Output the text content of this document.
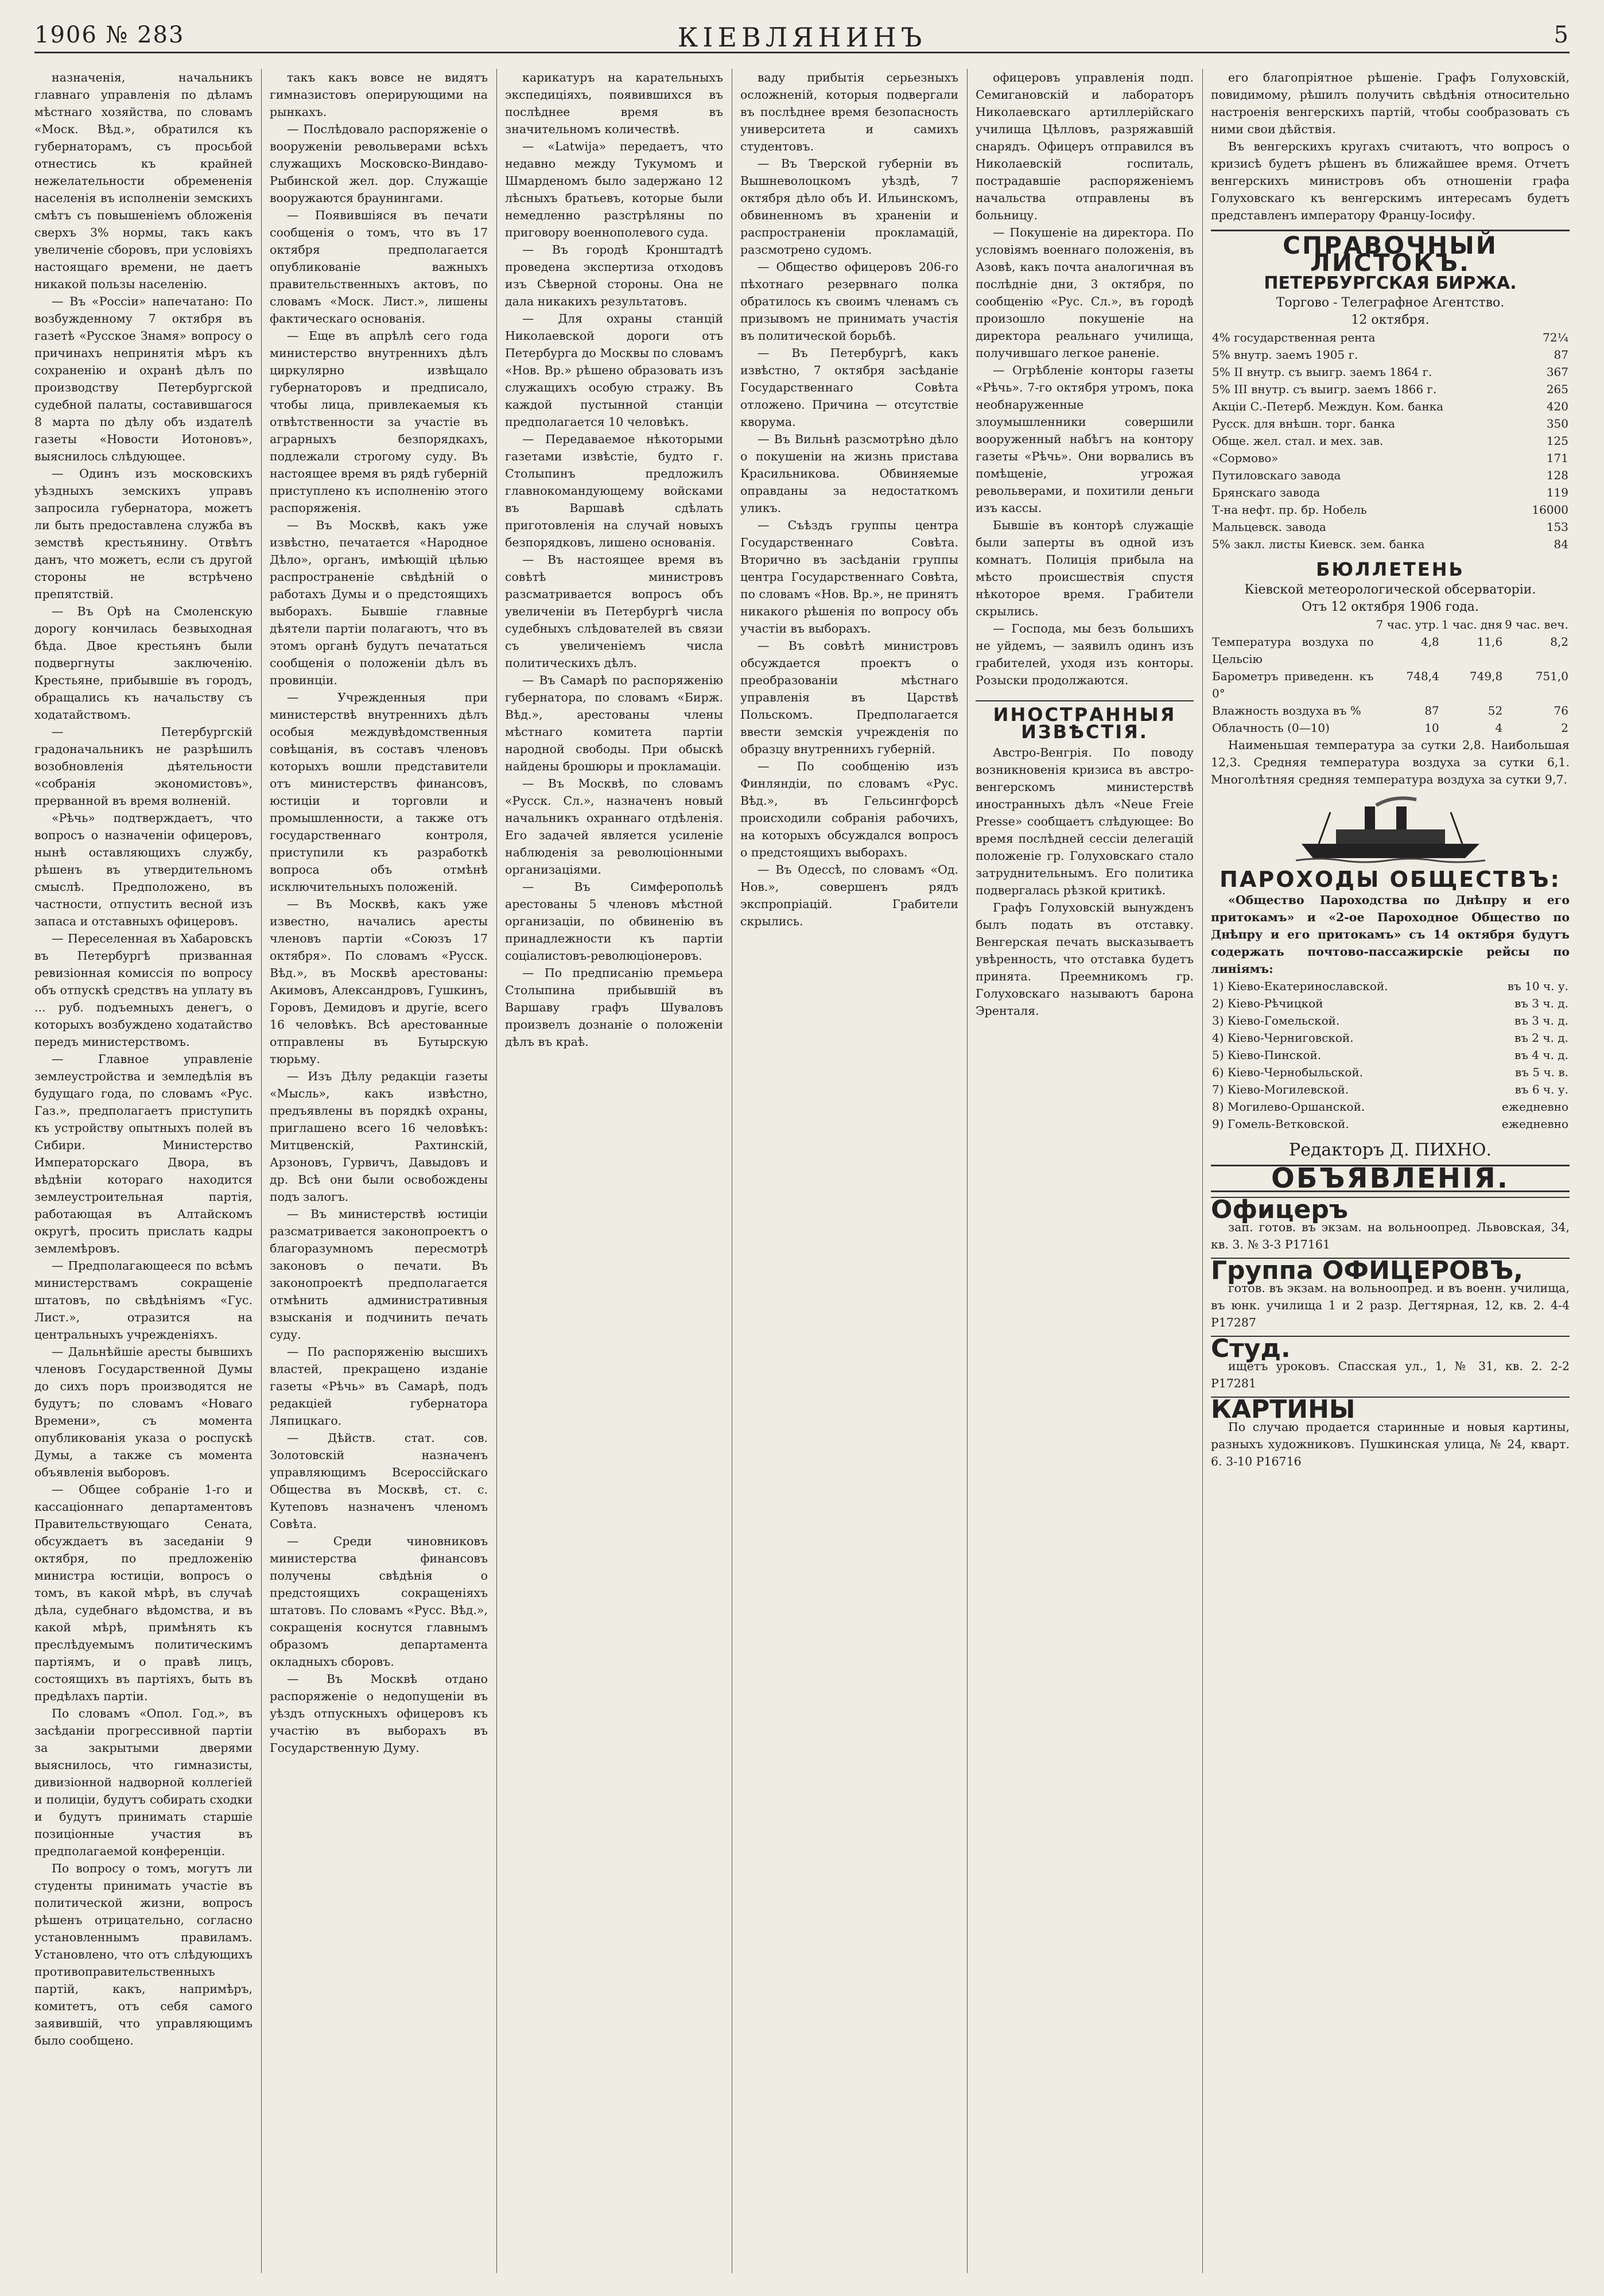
1906 № 283	КІЕВЛЯНИНЪ	5

назначенія, начальникъ главнаго управленія по дѣламъ мѣстнаго хозяйства, по словамъ «Моск. Вѣд.», обратился къ губернаторамъ, съ просьбой отнестись къ крайней нежелательности обремененія населенія въ исполненіи земскихъ смѣтъ съ повышеніемъ обложенія сверхъ 3% нормы, такъ какъ увеличеніе сборовъ, при условіяхъ настоящаго времени, не даетъ никакой пользы населенію.

— Въ «Россіи» напечатано: По возбужденному 7 октября въ газетѣ «Русское Знамя» вопросу о причинахъ непринятія мѣръ къ сохраненію и охранѣ дѣлъ по производству Петербургской судебной палаты, составившагося 8 марта по дѣлу объ издателѣ газеты «Новости Иотоновъ», выяснилось слѣдующее.

— Одинъ изъ московскихъ уѣздныхъ земскихъ управъ запросила губернатора, можетъ ли быть предоставлена служба въ земствѣ крестьянину. Отвѣтъ данъ, что можетъ, если съ другой стороны не встрѣчено препятствій.

— Въ Орѣ на Смоленскую дорогу кончилась безвыходная бѣда. Двое крестьянъ были подвергнуты заключенію. Крестьяне, прибывшіе въ городъ, обращались къ начальству съ ходатайствомъ.

— Петербургскій градоначальникъ не разрѣшилъ возобновленія дѣятельности «собранія экономистовъ», прерванной въ время волненій.

«Рѣчь» подтверждаетъ, что вопросъ о назначеніи офицеровъ, нынѣ оставляющихъ службу, рѣшенъ въ утвердительномъ смыслѣ. Предположено, въ частности, отпустить весной изъ запаса и отставныхъ офицеровъ.

— Переселенная въ Хабаровскъ въ Петербургѣ призванная ревизіонная комиссія по вопросу объ отпускѣ средствъ на уплату въ ... руб. подъемныхъ денегъ, о которыхъ возбуждено ходатайство передъ министерствомъ.

— Главное управленіе землеустройства и земледѣлія въ будущаго года, по словамъ «Рус. Газ.», предполагаетъ приступить къ устройству опытныхъ полей въ Сибири. Министерство Императорскаго Двора, въ вѣдѣніи котораго находится землеустроительная партія, работающая въ Алтайскомъ округѣ, просить прислать кадры землемѣровъ.

— Предполагающееся по всѣмъ министерствамъ сокращеніе штатовъ, по свѣдѣніямъ «Гус. Лист.», отразится на центральныхъ учрежденіяхъ.

— Дальнѣйшіе аресты бывшихъ членовъ Государственной Думы до сихъ поръ производятся не будутъ; по словамъ «Новаго Времени», съ момента опубликованія указа о роспускѣ Думы, а также съ момента объявленія выборовъ.

— Общее собраніе 1-го и кассаціоннаго департаментовъ Правительствующаго Сената, обсуждаетъ въ заседаніи 9 октября, по предложенію министра юстиціи, вопросъ о томъ, въ какой мѣрѣ, въ случаѣ дѣла, судебнаго вѣдомства, и въ какой мѣрѣ, примѣнять къ преслѣдуемымъ политическимъ партіямъ, и о правѣ лицъ, состоящихъ въ партіяхъ, быть въ предѣлахъ партіи.

По словамъ «Опол. Год.», въ засѣданіи прогрессивной партіи за закрытыми дверями выяснилось, что гимназисты, дивизіонной надворной коллегіей и полиціи, будутъ собирать сходки и будутъ принимать старшіе позиціонные участия въ предполагаемой конференціи.

По вопросу о томъ, могутъ ли студенты принимать участіе въ политической жизни, вопросъ рѣшенъ отрицательно, согласно установленнымъ правиламъ. Установлено, что отъ слѣдующихъ противоправительственныхъ партій, какъ, напримѣръ, комитетъ, отъ себя самого заявившій, что управляющимъ было сообщено.

такъ какъ вовсе не видятъ гимназистовъ оперирующими на рынкахъ.

— Послѣдовало распоряженіе о вооруженіи револьверами всѣхъ служащихъ Московско-Виндаво-Рыбинской жел. дор. Служащіе вооружаются браунингами.

— Появившіяся въ печати сообщенія о томъ, что въ 17 октября предполагается опубликованіе важныхъ правительственныхъ актовъ, по словамъ «Моск. Лист.», лишены фактическаго основанія.

— Еще въ апрѣлѣ сего года министерство внутреннихъ дѣлъ циркулярно извѣщало губернаторовъ и предписало, чтобы лица, привлекаемыя къ отвѣтственности за участіе въ аграрныхъ безпорядкахъ, подлежали строгому суду. Въ настоящее время въ рядѣ губерній приступлено къ исполненію этого распоряженія.

— Въ Москвѣ, какъ уже извѣстно, печатается «Народное Дѣло», органъ, имѣющій цѣлью распространеніе свѣдѣній о работахъ Думы и о предстоящихъ выборахъ. Бывшіе главные дѣятели партіи полагаютъ, что въ этомъ органѣ будутъ печататься сообщенія о положеніи дѣлъ въ провинціи.

— Учрежденныя при министерствѣ внутреннихъ дѣлъ особыя междувѣдомственныя совѣщанія, въ составъ членовъ которыхъ вошли представители отъ министерствъ финансовъ, юстиціи и торговли и промышленности, а также отъ государственнаго контроля, приступили къ разработкѣ вопроса объ отмѣнѣ исключительныхъ положеній.

— Въ Москвѣ, какъ уже известно, начались аресты членовъ партіи «Союзъ 17 октября». По словамъ «Русск. Вѣд.», въ Москвѣ арестованы: Акимовъ, Александровъ, Гушкинъ, Горовъ, Демидовъ и другіе, всего 16 человѣкъ. Всѣ арестованные отправлены въ Бутырскую тюрьму.

— Изъ Дѣлу редакціи газеты «Мысль», какъ извѣстно, предъявлены въ порядкѣ охраны, приглашено всего 16 человѣкъ: Митцвенскій, Рахтинскій, Арзоновъ, Гурвичъ, Давыдовъ и др. Всѣ они были освобождены подъ залогъ.

— Въ министерствѣ юстиціи разсматривается законопроектъ о благоразумномъ пересмотрѣ законовъ о печати. Въ законопроектѣ предполагается отмѣнить административныя взысканія и подчинить печать суду.

— По распоряженію высшихъ властей, прекращено изданіе газеты «Рѣчь» въ Самарѣ, подъ редакціей губернатора Ляпицкаго.

— Дѣйств. стат. сов. Золотовскій назначенъ управляющимъ Всероссійскаго Общества въ Москвѣ, ст. с. Кутеповъ назначенъ членомъ Совѣта.

— Среди чиновниковъ министерства финансовъ получены свѣдѣнія о предстоящихъ сокращеніяхъ штатовъ. По словамъ «Русс. Вѣд.», сокращенія коснутся главнымъ образомъ департамента окладныхъ сборовъ.

— Въ Москвѣ отдано распоряженіе о недопущеніи въ уѣздъ отпускныхъ офицеровъ къ участію въ выборахъ въ Государственную Думу.

карикатуръ на карательныхъ экспедиціяхъ, появившихся въ послѣднее время въ значительномъ количествѣ.

— «Latwija» передаетъ, что недавно между Тукумомъ и Шмарденомъ было задержано 12 лѣсныхъ братьевъ, которые были немедленно разстрѣляны по приговору военнополевого суда.

— Въ городѣ Кронштадтѣ проведена экспертиза отходовъ изъ Сѣверной стороны. Она не дала никакихъ результатовъ.

— Для охраны станцій Николаевской дороги отъ Петербурга до Москвы по словамъ «Нов. Вр.» рѣшено образовать изъ служащихъ особую стражу. Въ каждой пустынной станціи предполагается 10 человѣкъ.

— Передаваемое нѣкоторыми газетами извѣстіе, будто г. Столыпинъ предложилъ главнокомандующему войсками въ Варшавѣ сдѣлать приготовленія на случай новыхъ безпорядковъ, лишено основанія.

— Въ настоящее время въ совѣтѣ министровъ разсматривается вопросъ объ увеличеніи въ Петербургѣ числа судебныхъ слѣдователей въ связи съ увеличеніемъ числа политическихъ дѣлъ.

— Въ Самарѣ по распоряженію губернатора, по словамъ «Бирж. Вѣд.», арестованы члены мѣстнаго комитета партіи народной свободы. При обыскѣ найдены брошюры и прокламаціи.

— Въ Москвѣ, по словамъ «Русск. Сл.», назначенъ новый начальникъ охраннаго отдѣленія. Его задачей является усиленіе наблюденія за революціонными организаціями.

— Въ Симферопольѣ арестованы 5 членовъ мѣстной организаціи, по обвиненію въ принадлежности къ партіи соціалистовъ-революціонеровъ.

— По предписанію премьера Столыпина прибывшій въ Варшаву графъ Шуваловъ произвелъ дознаніе о положеніи дѣлъ въ краѣ.

ваду прибытія серьезныхъ осложненій, которыя подвергали въ послѣднее время безопасность университета и самихъ студентовъ.

— Въ Тверской губерніи въ Вышневолоцкомъ уѣздѣ, 7 октября дѣло объ И. Ильинскомъ, обвиненномъ въ храненіи и распространеніи прокламацій, разсмотрено судомъ.

— Общество офицеровъ 206-го пѣхотнаго резервнаго полка обратилось къ своимъ членамъ съ призывомъ не принимать участія въ политической борьбѣ.

— Въ Петербургѣ, какъ извѣстно, 7 октября засѣданіе Государственнаго Совѣта отложено. Причина — отсутствіе кворума.

— Въ Вильнѣ разсмотрѣно дѣло о покушеніи на жизнь пристава Красильникова. Обвиняемые оправданы за недостаткомъ уликъ.

— Съѣздъ группы центра Государственнаго Совѣта. Вторично въ засѣданіи группы центра Государственнаго Совѣта, по словамъ «Нов. Вр.», не принятъ никакого рѣшенія по вопросу объ участіи въ выборахъ.

— Въ совѣтѣ министровъ обсуждается проектъ о преобразованіи мѣстнаго управленія въ Царствѣ Польскомъ. Предполагается ввести земскія учрежденія по образцу внутреннихъ губерній.

— По сообщенію изъ Финляндіи, по словамъ «Рус. Вѣд.», въ Гельсингфорсѣ происходили собранія рабочихъ, на которыхъ обсуждался вопросъ о предстоящихъ выборахъ.

— Въ Одессѣ, по словамъ «Од. Нов.», совершенъ рядъ экспропріацій. Грабители скрылись.

офицеровъ управленія подп. Семигановскій и лабораторъ Николаевскаго артиллерійскаго училища Цѣлловъ, разряжавшій снарядъ. Офицеръ отправился въ Николаевскій госпиталь, пострадавшіе распоряженіемъ начальства отправлены въ больницу.

— Покушеніе на директора. По условіямъ военнаго положенія, въ Азовѣ, какъ почта аналогичная въ послѣдніе дни, 3 октября, по сообщенію «Рус. Сл.», въ городѣ произошло покушеніе на директора реальнаго училища, получившаго легкое раненіе.

— Огрѣбленіе конторы газеты «Рѣчь». 7-го октября утромъ, пока необнаруженные злоумышленники совершили вооруженный набѣгъ на контору газеты «Рѣчь». Они ворвались въ помѣщеніе, угрожая револьверами, и похитили деньги изъ кассы.

Бывшіе въ конторѣ служащіе были заперты въ одной изъ комнатъ. Полиція прибыла на мѣсто происшествія спустя нѣкоторое время. Грабители скрылись.

— Господа, мы безъ большихъ не уйдемъ, — заявилъ одинъ изъ грабителей, уходя изъ конторы. Розыски продолжаются.

ИНОСТРАННЫЯ ИЗВѢСТІЯ.

Австро-Венгрія. По поводу возникновенія кризиса въ австро-венгерскомъ министерствѣ иностранныхъ дѣлъ «Neue Freie Presse» сообщаетъ слѣдующее: Во время послѣдней сессіи делегацій положеніе гр. Голуховскаго стало затруднительнымъ. Его политика подвергалась рѣзкой критикѣ.

Графъ Голуховскій вынужденъ былъ подать въ отставку. Венгерская печать высказываетъ увѣренность, что отставка будетъ принята. Преемникомъ гр. Голуховскаго называютъ барона Эренталя.

его благопріятное рѣшеніе. Графъ Голуховскій, повидимому, рѣшилъ получить свѣдѣнія относительно настроенія венгерскихъ партій, чтобы сообразовать съ ними свои дѣйствія.

Въ венгерскихъ кругахъ считаютъ, что вопросъ о кризисѣ будетъ рѣшенъ въ ближайшее время. Отчетъ венгерскихъ министровъ объ отношеніи графа Голуховскаго къ венгерскимъ интересамъ будетъ представленъ императору Францу-Іосифу.

СПРАВОЧНЫЙ ЛИСТОКЪ.
ПЕТЕРБУРГСКАЯ БИРЖА.
Торгово - Телеграфное Агентство.
12 октября.
4% государственная рента	72¼
5% внутр. заемъ 1905 г.	87
5% II внутр. съ выигр. заемъ 1864 г.	367
5% III внутр. съ выигр. заемъ 1866 г.	265
Акціи С.-Петерб. Междун. Ком. банка	420
Русск. для внѣшн. торг. банка	350
Обще. жел. стал. и мех. зав.	125
«Сормово»	171
Путиловскаго завода	128
Брянскаго завода	119
Т-на нефт. пр. бр. Нобель	16000
Мальцевск. завода	153
5% закл. листы Киевск. зем. банка	84
БЮЛЛЕТЕНЬ
Кіевской метеорологической обсерваторіи.
Отъ 12 октября 1906 года.
	7 час. утр.	1 час. дня	9 час. веч.
Температура воздуха по Цельсію	4,8	11,6	8,2
Барометръ приведенн. къ 0°	748,4	749,8	751,0
Влажность воздуха въ %	87	52	76
Облачность (0—10)	10	4	2

Наименьшая температура за сутки 2,8. Наибольшая 12,3. Средняя температура воздуха за сутки 6,1. Многолѣтняя средняя температура воздуха за сутки 9,7.

ПАРОХОДЫ ОБЩЕСТВЪ:

«Общество Пароходства по Днѣпру и его притокамъ» и «2-ое Пароходное Общество по Днѣпру и его притокамъ» съ 14 октября будутъ содержать почтово-пассажирскіе рейсы по линіямъ:

1) Кіево-Екатеринославской.	въ 10 ч. у.
2) Кіево-Рѣчицкой	въ 3 ч. д.
3) Кіево-Гомельской.	въ 3 ч. д.
4) Кіево-Черниговской.	въ 2 ч. д.
5) Кіево-Пинской.	въ 4 ч. д.
6) Кіево-Чернобыльской.	въ 5 ч. в.
7) Кіево-Могилевской.	въ 6 ч. у.
8) Могилево-Оршанской.	ежедневно
9) Гомель-Ветковской.	ежедневно
Редакторъ Д. ПИХНО.
ОБЪЯВЛЕНІЯ.
Офицеръ

зап. готов. въ экзам. на вольноопред. Львовская, 34, кв. 3. № 3-3 Р17161

Группа ОФИЦЕРОВЪ,

готов. въ экзам. на вольноопред. и въ военн. училища, въ юнк. училища 1 и 2 разр. Дегтярная, 12, кв. 2. 4-4 Р17287

Студ.

ищетъ уроковъ. Спасская ул., 1, № 31, кв. 2. 2-2 Р17281

КАРТИНЫ

По случаю продается старинные и новыя картины, разныхъ художниковъ. Пушкинская улица, № 24, кварт. 6. 3-10 Р16716
